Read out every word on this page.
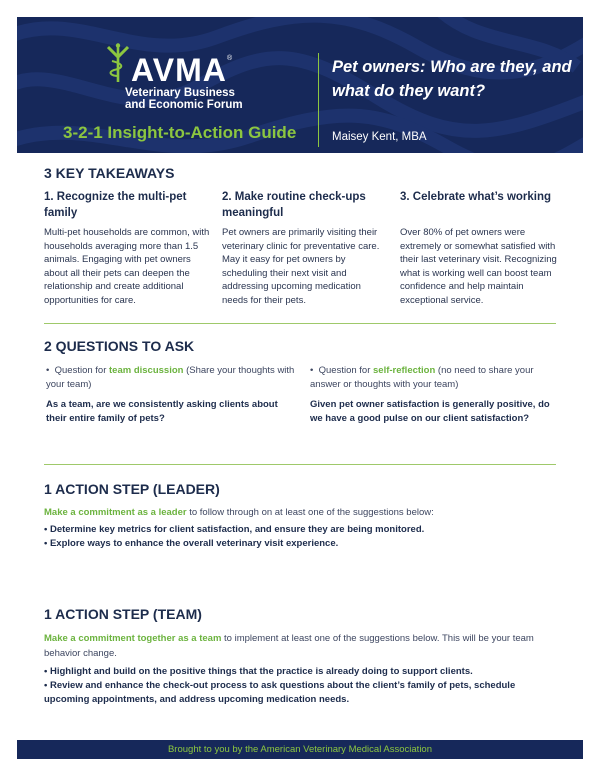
AVMA ®
Veterinary Business and Economic Forum
3-2-1 Insight-to-Action Guide
Pet owners: Who are they, and what do they want?
Maisey Kent, MBA
3 KEY TAKEAWAYS
1. Recognize the multi-pet family
Multi-pet households are common, with households averaging more than 1.5 animals. Engaging with pet owners about all their pets can deepen the relationship and create additional opportunities for care.
2. Make routine check-ups meaningful
Pet owners are primarily visiting their veterinary clinic for preventative care. May it easy for pet owners by scheduling their next visit and addressing upcoming medication needs for their pets.
3. Celebrate what’s working
Over 80% of pet owners were extremely or somewhat satisfied with their last veterinary visit. Recognizing what is working well can boost team confidence and help maintain exceptional service.
2 QUESTIONS TO ASK
• Question for team discussion (Share your thoughts with your team)
As a team, are we consistently asking clients about their entire family of pets?
• Question for self-reflection (no need to share your answer or thoughts with your team)
Given pet owner satisfaction is generally positive, do we have a good pulse on our client satisfaction?
1 ACTION STEP (LEADER)
Make a commitment as a leader to follow through on at least one of the suggestions below:
• Determine key metrics for client satisfaction, and ensure they are being monitored.
• Explore ways to enhance the overall veterinary visit experience.
1 ACTION STEP (TEAM)
Make a commitment together as a team to implement at least one of the suggestions below. This will be your team behavior change.
• Highlight and build on the positive things that the practice is already doing to support clients.
• Review and enhance the check-out process to ask questions about the client’s family of pets, schedule upcoming appointments, and address upcoming medication needs.
Brought to you by the American Veterinary Medical Association
